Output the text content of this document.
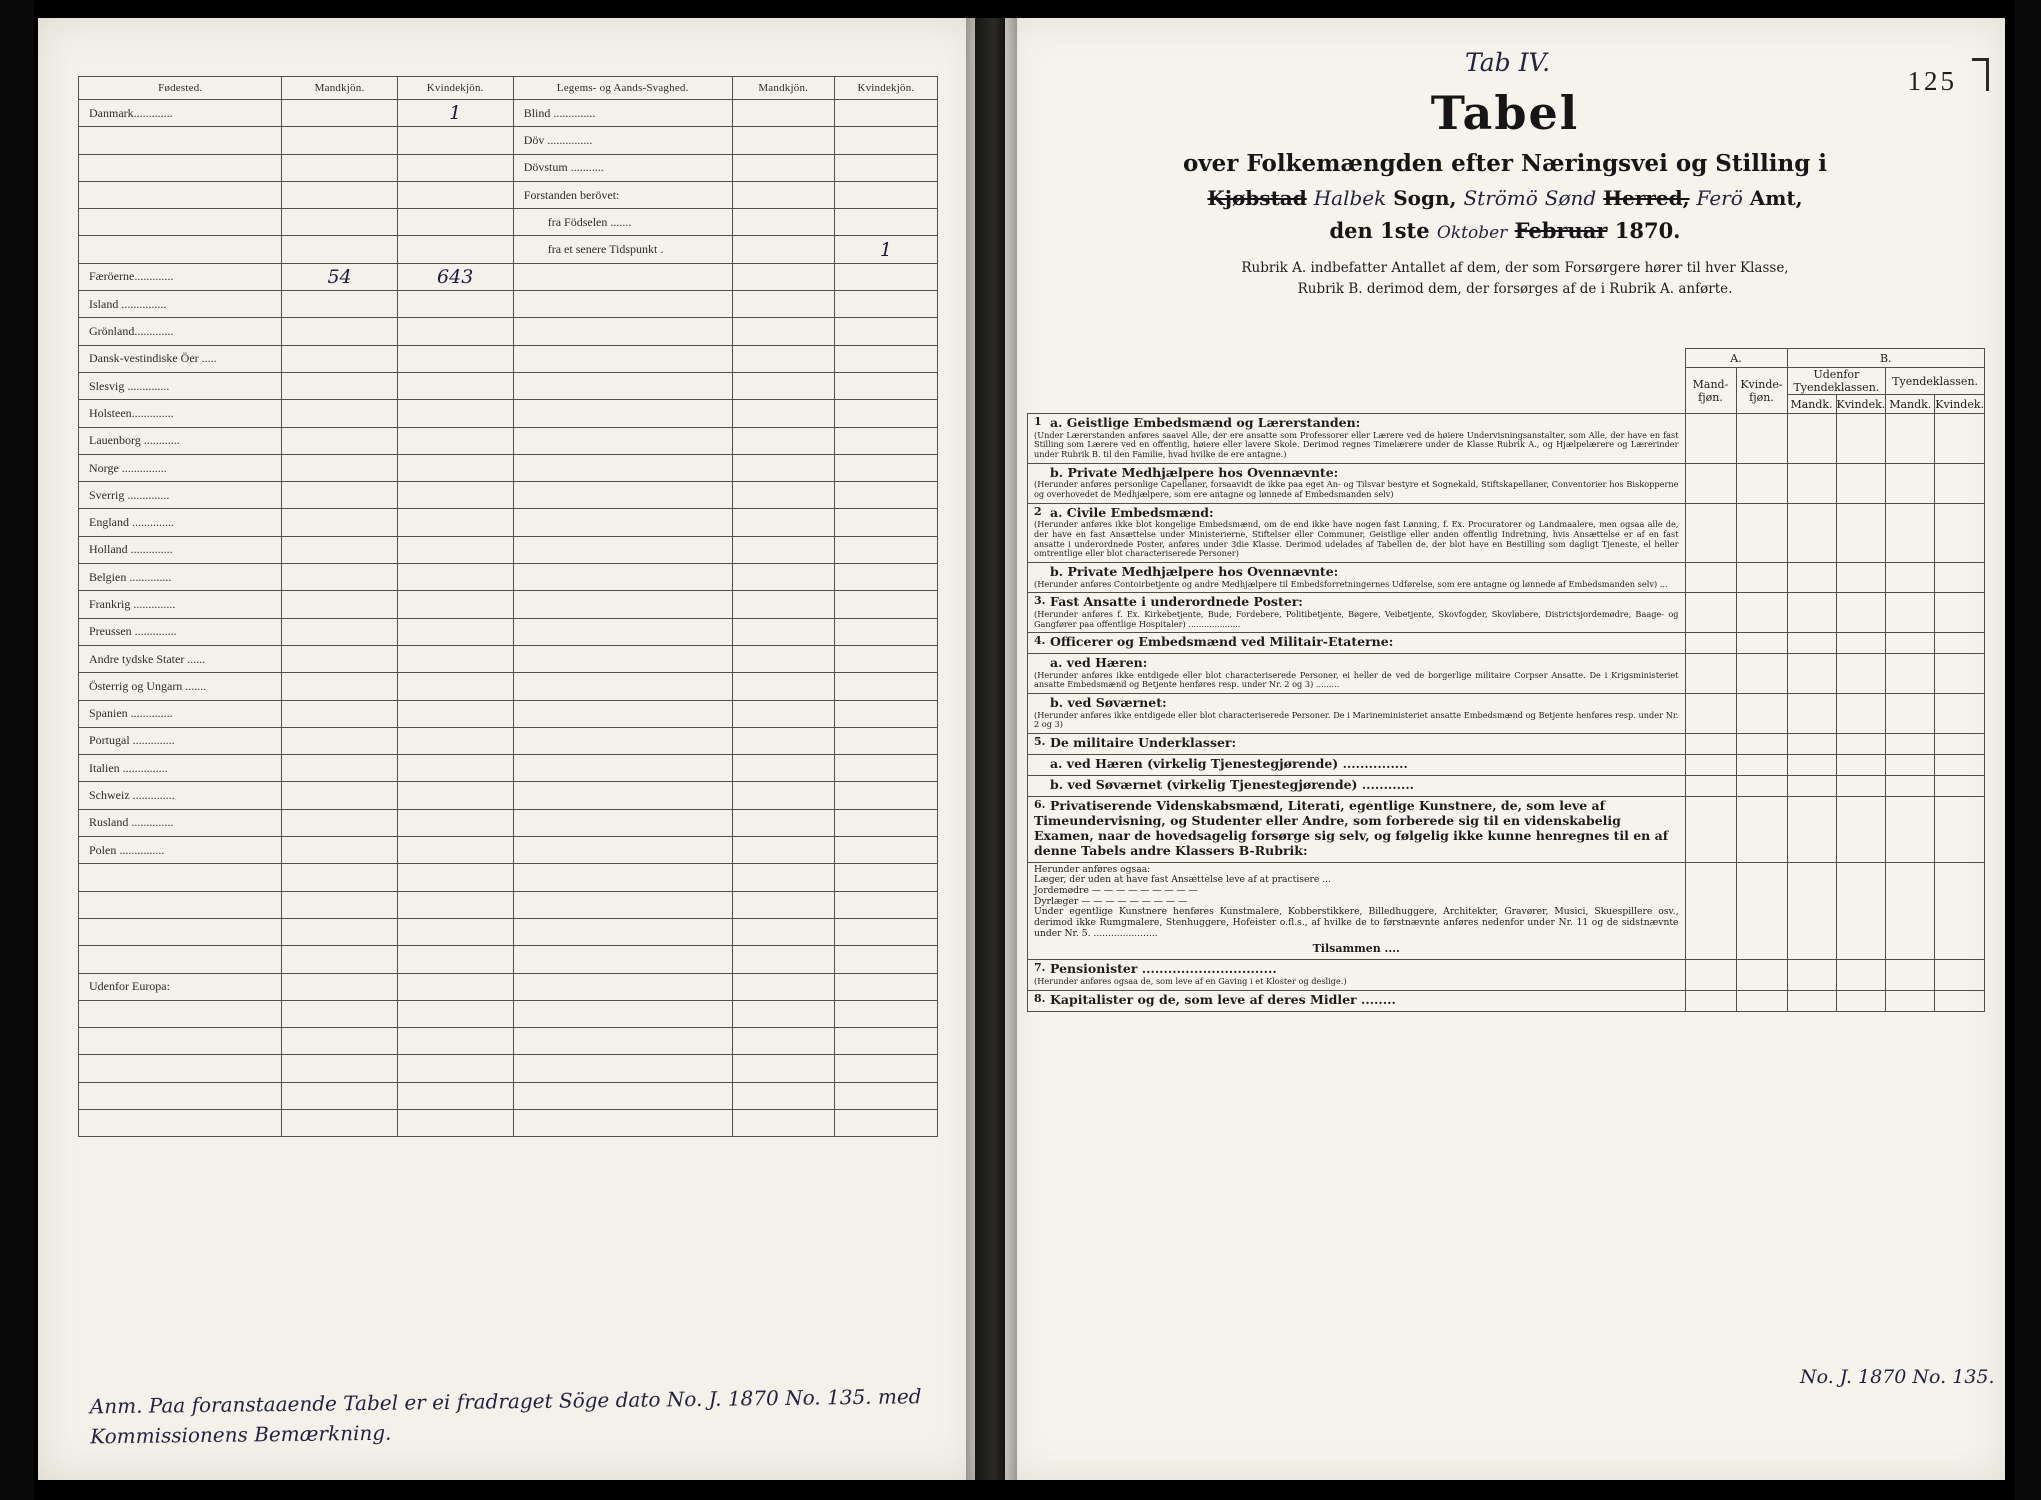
Fødested.	Mandkjön.	Kvindekjön.	Legems- og Aands-Svaghed.	Mandkjön.	Kvindekjön.
Danmark.............		1	Blind ..............		
			Döv ...............		
			Dövstum ...........		
			Forstanden berövet:		
			fra Födselen .......		
			fra et senere Tidspunkt .		1
Færöerne.............	54	643			
Island ...............					
Grönland.............					
Dansk-vestindiske Öer .....					
Slesvig ..............					
Holsteen..............					
Lauenborg ............					
Norge ...............					
Sverrig ..............					
England ..............					
Holland ..............					
Belgien ..............					
Frankrig ..............					
Preussen ..............					
Andre tydske Stater ......					
Österrig og Ungarn .......					
Spanien ..............					
Portugal ..............					
Italien ...............					
Schweiz ..............					
Rusland ..............					
Polen ...............					

Udenfor Europa:					

Anm. Paa foranstaaende Tabel er ei fradraget Söge dato No. J. 1870 No. 135. med Kommissionens Bemærkning.
125
Tab IV.
Tabel
over Folkemængden efter Næringsvei og Stilling i
Kjøbstad Halbek Sogn, Strömö Sønd Herred, Ferö Amt,
den 1ste Oktober Februar 1870.
Rubrik A. indbefatter Antallet af dem, der som Forsørgere hører til hver Klasse,
Rubrik B. derimod dem, der forsørges af de i Rubrik A. anførte.
	A.		B.			
	Mand-fjøn.	Kvinde-fjøn.	Udenfor Tyendeklassen.		Tyendeklassen.	
			Mandk.	Kvindek.	Mandk.	Kvindek.
1 a. Geistlige Embedsmænd og Lærerstanden:
(Under Lærerstanden anføres saavel Alle, der ere ansatte som Professorer eller Lærere ved de høiere Undervisningsanstalter, som Alle, der have en fast Stilling som Lærere ved en offentlig, høiere eller lavere Skole. Derimod regnes Timelærere under de Klasse Rubrik A., og Hjælpelærere og Lærerinder under Rubrik B. til den Familie, hvad hvilke de ere antagne.)						

b. Private Medhjælpere hos Ovennævnte:
(Herunder anføres personlige Capellaner, forsaavidt de ikke paa eget An- og Tilsvar bestyre et Sognekald, Stiftskapellaner, Conventorier hos Biskopperne og overhovedet de Medhjælpere, som ere antagne og lønnede af Embedsmanden selv)						

2 a. Civile Embedsmænd:
(Herunder anføres ikke blot kongelige Embedsmænd, om de end ikke have nogen fast Lønning, f. Ex. Procuratorer og Landmaalere, men ogsaa alle de, der have en fast Ansættelse under Ministerierne, Stiftelser eller Communer, Geistlige eller anden offentlig Indretning, hvis Ansættelse er af en fast ansatte i underordnede Poster, anføres under 3die Klasse. Derimod udelades af Tabellen de, der blot have en Bestilling som dagligt Tjeneste, el heller omtrentlige eller blot characteriserede Personer)						

b. Private Medhjælpere hos Ovennævnte:
(Herunder anføres Contoirbetjente og andre Medhjælpere til Embedsforretningernes Udførelse, som ere antagne og lønnede af Embedsmanden selv) ...						

3. Fast Ansatte i underordnede Poster:
(Herunder anføres f. Ex. Kirkebetjente, Bude, Fordebere, Politibetjente, Bøgere, Veibetjente, Skovfogder, Skovløbere, Districtsjordemødre, Baage- og Gangfører paa offentlige Hospitaler) ....................						

4. Officerer og Embedsmænd ved Militair-Etaterne:						
a. ved Hæren:
(Herunder anføres ikke entdigede eller blot characteriserede Personer, ei heller de ved de borgerlige militaire Corpser Ansatte. De i Krigsministeriet ansatte Embedsmænd og Betjente henføres resp. under Nr. 2 og 3) .........						

b. ved Søværnet:
(Herunder anføres ikke entdigede eller blot characteriserede Personer. De i Marineministeriet ansatte Embedsmænd og Betjente henføres resp. under Nr. 2 og 3)						

5. De militaire Underklasser:						
a. ved Hæren (virkelig Tjenestegjørende) ...............						
b. ved Søværnet (virkelig Tjenestegjørende) ............						
6. Privatiserende Videnskabsmænd, Literati, egentlige Kunstnere, de, som leve af Timeundervisning, og Studenter eller Andre, som forberede sig til en videnskabelig Examen, naar de hovedsagelig forsørge sig selv, og følgelig ikke kunne henregnes til en af denne Tabels andre Klassers B-Rubrik:						

Herunder anføres ogsaa:
Læger, der uden at have fast Ansættelse leve af at practisere ...
Jordemødre — — — — — — — — —
Dyrlæger — — — — — — — — —
Under egentlige Kunstnere henføres Kunstmalere, Kobberstikkere, Billedhuggere, Architekter, Gravører, Musici, Skuespillere osv., derimod ikke Rumgmalere, Stenhuggere, Hofeister o.fl.s., af hvilke de to førstnævnte anføres nedenfor under Nr. 11 og de sidstnævnte under Nr. 5. ......................
Tilsammen ....

7. Pensionister ...............................
(Herunder anføres ogsaa de, som leve af en Gaving i et Kloster og deslige.)						

8. Kapitalister og de, som leve af deres Midler ........						
No. J. 1870 No. 135.
